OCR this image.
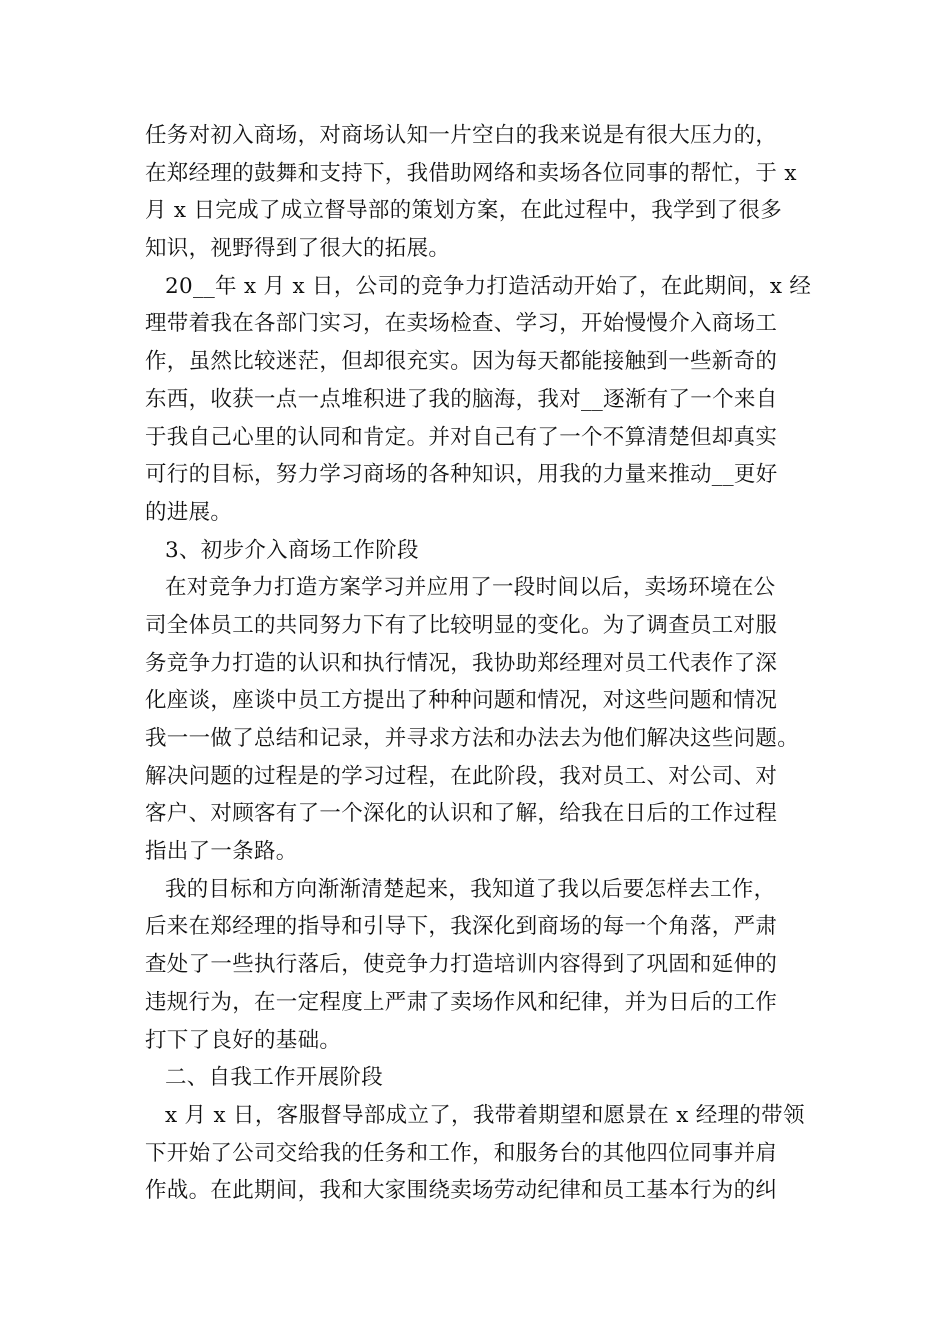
任务对初入商场，对商场认知一片空白的我来说是有很大压力的，
在郑经理的鼓舞和支持下，我借助网络和卖场各位同事的帮忙，于 x
月 x 日完成了成立督导部的策划方案，在此过程中，我学到了很多
知识，视野得到了很大的拓展。
20__年 x 月 x 日，公司的竞争力打造活动开始了，在此期间，x 经
理带着我在各部门实习，在卖场检查、学习，开始慢慢介入商场工
作，虽然比较迷茫，但却很充实。因为每天都能接触到一些新奇的
东西，收获一点一点堆积进了我的脑海，我对__逐渐有了一个来自
于我自己心里的认同和肯定。并对自己有了一个不算清楚但却真实
可行的目标，努力学习商场的各种知识，用我的力量来推动__更好
的进展。
3、初步介入商场工作阶段
在对竞争力打造方案学习并应用了一段时间以后，卖场环境在公
司全体员工的共同努力下有了比较明显的变化。为了调查员工对服
务竞争力打造的认识和执行情况，我协助郑经理对员工代表作了深
化座谈，座谈中员工方提出了种种问题和情况，对这些问题和情况
我一一做了总结和记录，并寻求方法和办法去为他们解决这些问题。
解决问题的过程是的学习过程，在此阶段，我对员工、对公司、对
客户、对顾客有了一个深化的认识和了解，给我在日后的工作过程
指出了一条路。
我的目标和方向渐渐清楚起来，我知道了我以后要怎样去工作，
后来在郑经理的指导和引导下，我深化到商场的每一个角落，严肃
查处了一些执行落后，使竞争力打造培训内容得到了巩固和延伸的
违规行为，在一定程度上严肃了卖场作风和纪律，并为日后的工作
打下了良好的基础。
二、自我工作开展阶段
x 月 x 日，客服督导部成立了，我带着期望和愿景在 x 经理的带领
下开始了公司交给我的任务和工作，和服务台的其他四位同事并肩
作战。在此期间，我和大家围绕卖场劳动纪律和员工基本行为的纠
